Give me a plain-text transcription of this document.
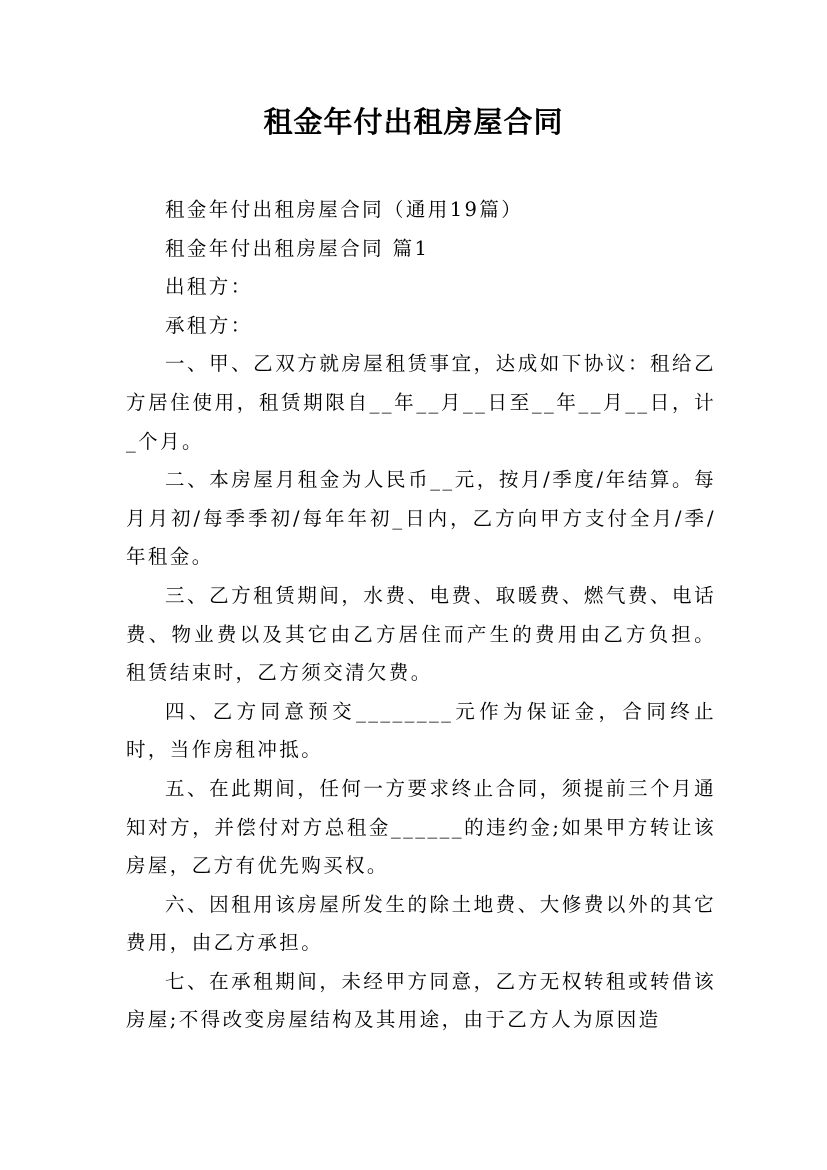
租金年付出租房屋合同

租金年付出租房屋合同（通用19篇）

租金年付出租房屋合同 篇1

出租方：

承租方：

一、甲、乙双方就房屋租赁事宜，达成如下协议：租给乙方居住使用，租赁期限自__年__月__日至__年__月__日，计_个月。

二、本房屋月租金为人民币__元，按月/季度/年结算。每月月初/每季季初/每年年初_日内，乙方向甲方支付全月/季/年租金。

三、乙方租赁期间，水费、电费、取暖费、燃气费、电话费、物业费以及其它由乙方居住而产生的费用由乙方负担。租赁结束时，乙方须交清欠费。

四、乙方同意预交________元作为保证金，合同终止时，当作房租冲抵。

五、在此期间，任何一方要求终止合同，须提前三个月通知对方，并偿付对方总租金______的违约金;如果甲方转让该房屋，乙方有优先购买权。

六、因租用该房屋所发生的除土地费、大修费以外的其它费用，由乙方承担。

七、在承租期间，未经甲方同意，乙方无权转租或转借该房屋;不得改变房屋结构及其用途，由于乙方人为原因造
